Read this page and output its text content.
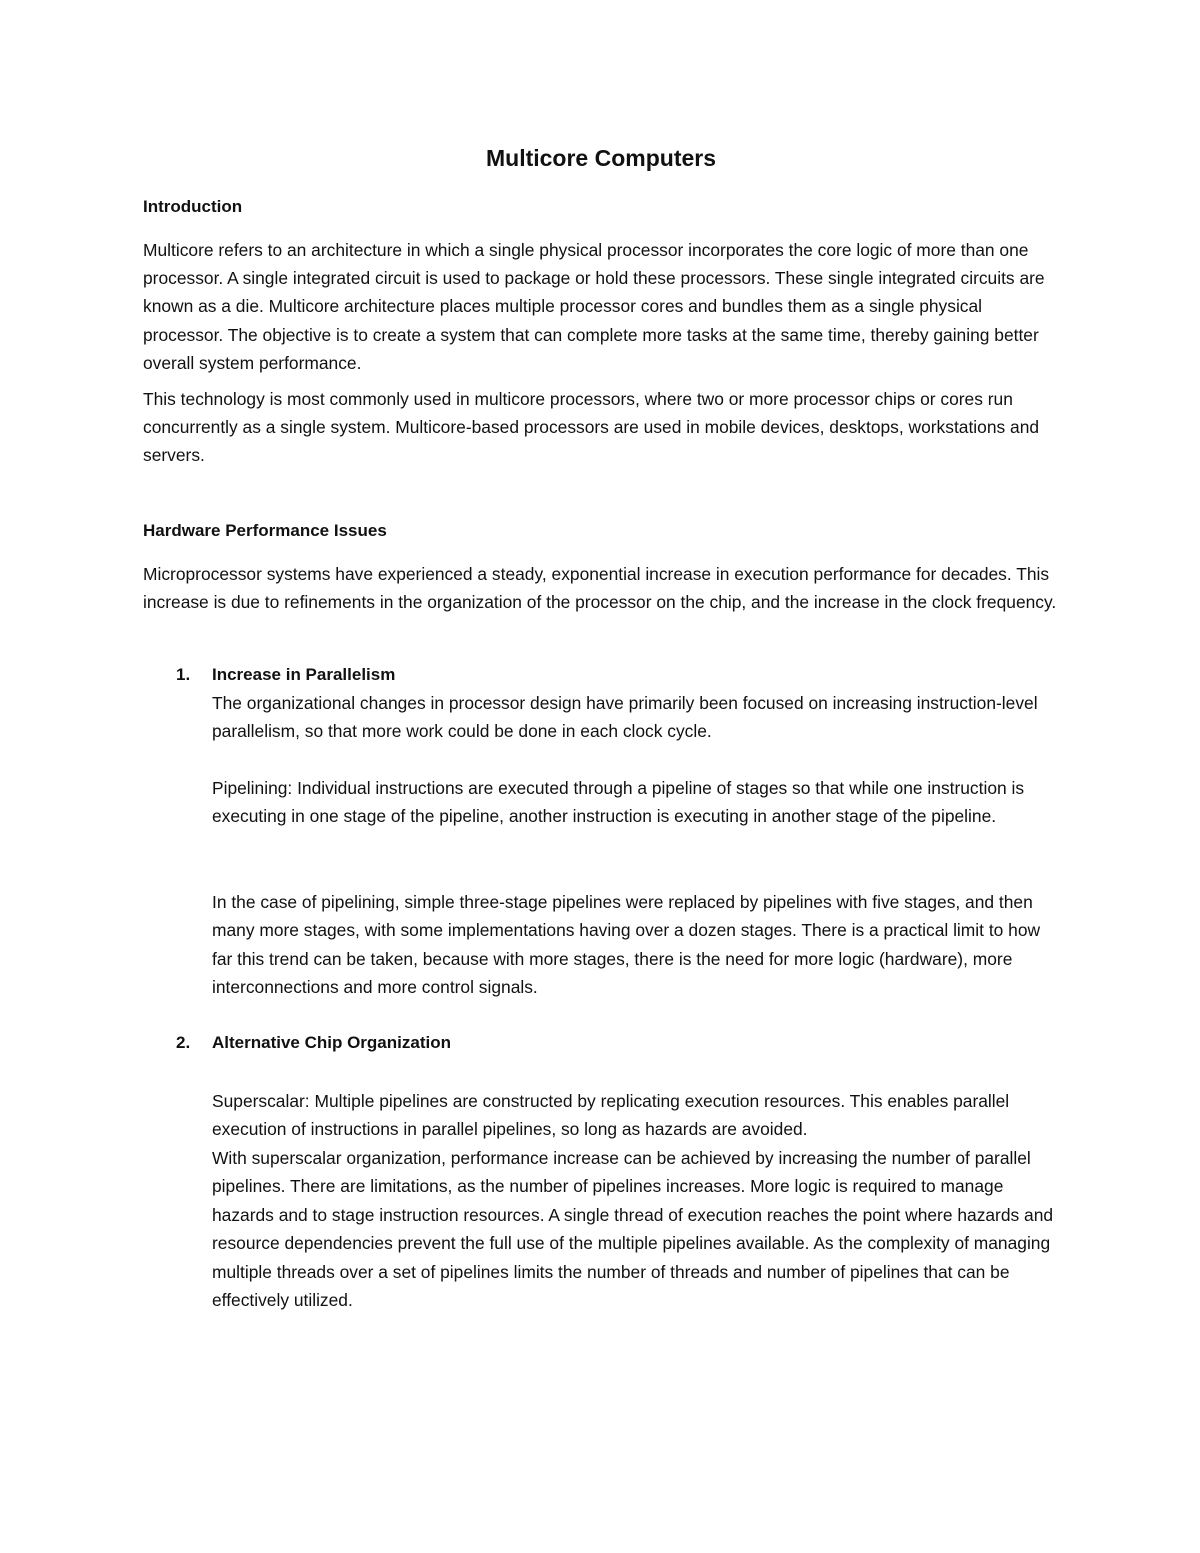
Multicore Computers
Introduction

Multicore refers to an architecture in which a single physical processor incorporates the core logic of more than one processor. A single integrated circuit is used to package or hold these processors. These single integrated circuits are known as a die. Multicore architecture places multiple processor cores and bundles them as a single physical processor. The objective is to create a system that can complete more tasks at the same time, thereby gaining better overall system performance.

This technology is most commonly used in multicore processors, where two or more processor chips or cores run concurrently as a single system. Multicore-based processors are used in mobile devices, desktops, workstations and servers.

Hardware Performance Issues

Microprocessor systems have experienced a steady, exponential increase in execution performance for decades. This increase is due to refinements in the organization of the processor on the chip, and the increase in the clock frequency.

1. Increase in Parallelism

The organizational changes in processor design have primarily been focused on increasing instruction-level parallelism, so that more work could be done in each clock cycle.

Pipelining: Individual instructions are executed through a pipeline of stages so that while one instruction is executing in one stage of the pipeline, another instruction is executing in another stage of the pipeline.

In the case of pipelining, simple three-stage pipelines were replaced by pipelines with five stages, and then many more stages, with some implementations having over a dozen stages. There is a practical limit to how far this trend can be taken, because with more stages, there is the need for more logic (hardware), more interconnections and more control signals.

2. Alternative Chip Organization

Superscalar: Multiple pipelines are constructed by replicating execution resources. This enables parallel execution of instructions in parallel pipelines, so long as hazards are avoided.

With superscalar organization, performance increase can be achieved by increasing the number of parallel pipelines. There are limitations, as the number of pipelines increases. More logic is required to manage hazards and to stage instruction resources. A single thread of execution reaches the point where hazards and resource dependencies prevent the full use of the multiple pipelines available. As the complexity of managing multiple threads over a set of pipelines limits the number of threads and number of pipelines that can be effectively utilized.
